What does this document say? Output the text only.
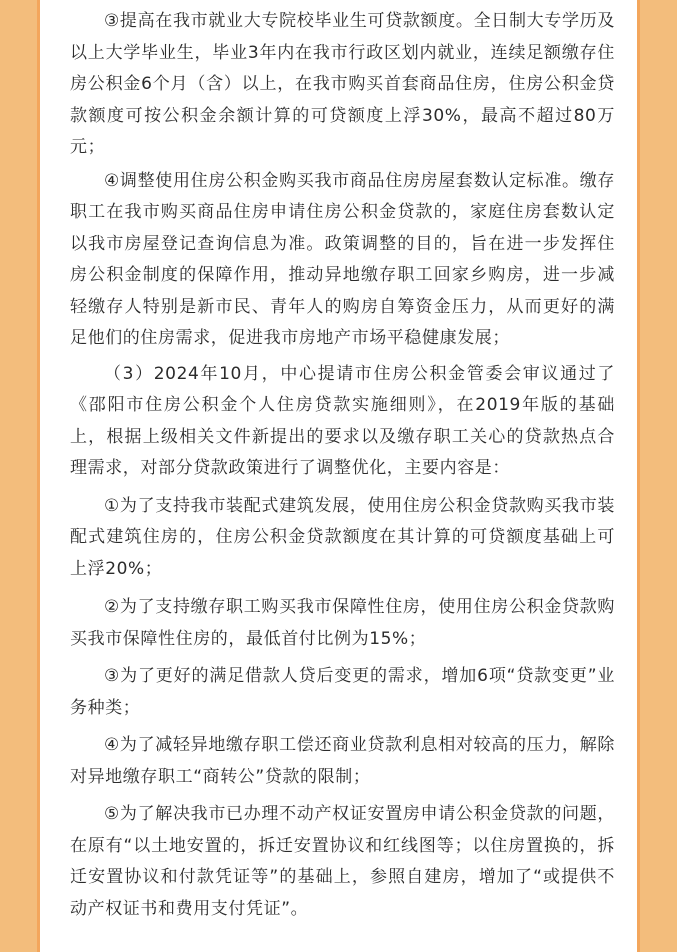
③提高在我市就业大专院校毕业生可贷款额度。全日制大专学历及以上大学毕业生，毕业3年内在我市行政区划内就业，连续足额缴存住房公积金6个月（含）以上，在我市购买首套商品住房，住房公积金贷款额度可按公积金余额计算的可贷额度上浮30%，最高不超过80万元；

④调整使用住房公积金购买我市商品住房房屋套数认定标准。缴存职工在我市购买商品住房申请住房公积金贷款的，家庭住房套数认定以我市房屋登记查询信息为准。政策调整的目的，旨在进一步发挥住房公积金制度的保障作用，推动异地缴存职工回家乡购房，进一步减轻缴存人特别是新市民、青年人的购房自筹资金压力，从而更好的满足他们的住房需求，促进我市房地产市场平稳健康发展；

（3）2024年10月，中心提请市住房公积金管委会审议通过了《邵阳市住房公积金个人住房贷款实施细则》，在2019年版的基础上，根据上级相关文件新提出的要求以及缴存职工关心的贷款热点合理需求，对部分贷款政策进行了调整优化，主要内容是：

①为了支持我市装配式建筑发展，使用住房公积金贷款购买我市装配式建筑住房的，住房公积金贷款额度在其计算的可贷额度基础上可上浮20%；

②为了支持缴存职工购买我市保障性住房，使用住房公积金贷款购买我市保障性住房的，最低首付比例为15%；

③为了更好的满足借款人贷后变更的需求，增加6项“贷款变更”业务种类；

④为了减轻异地缴存职工偿还商业贷款利息相对较高的压力，解除对异地缴存职工“商转公”贷款的限制；

⑤为了解决我市已办理不动产权证安置房申请公积金贷款的问题，在原有“以土地安置的，拆迁安置协议和红线图等；以住房置换的，拆迁安置协议和付款凭证等”的基础上，参照自建房，增加了“或提供不动产权证书和费用支付凭证”。
